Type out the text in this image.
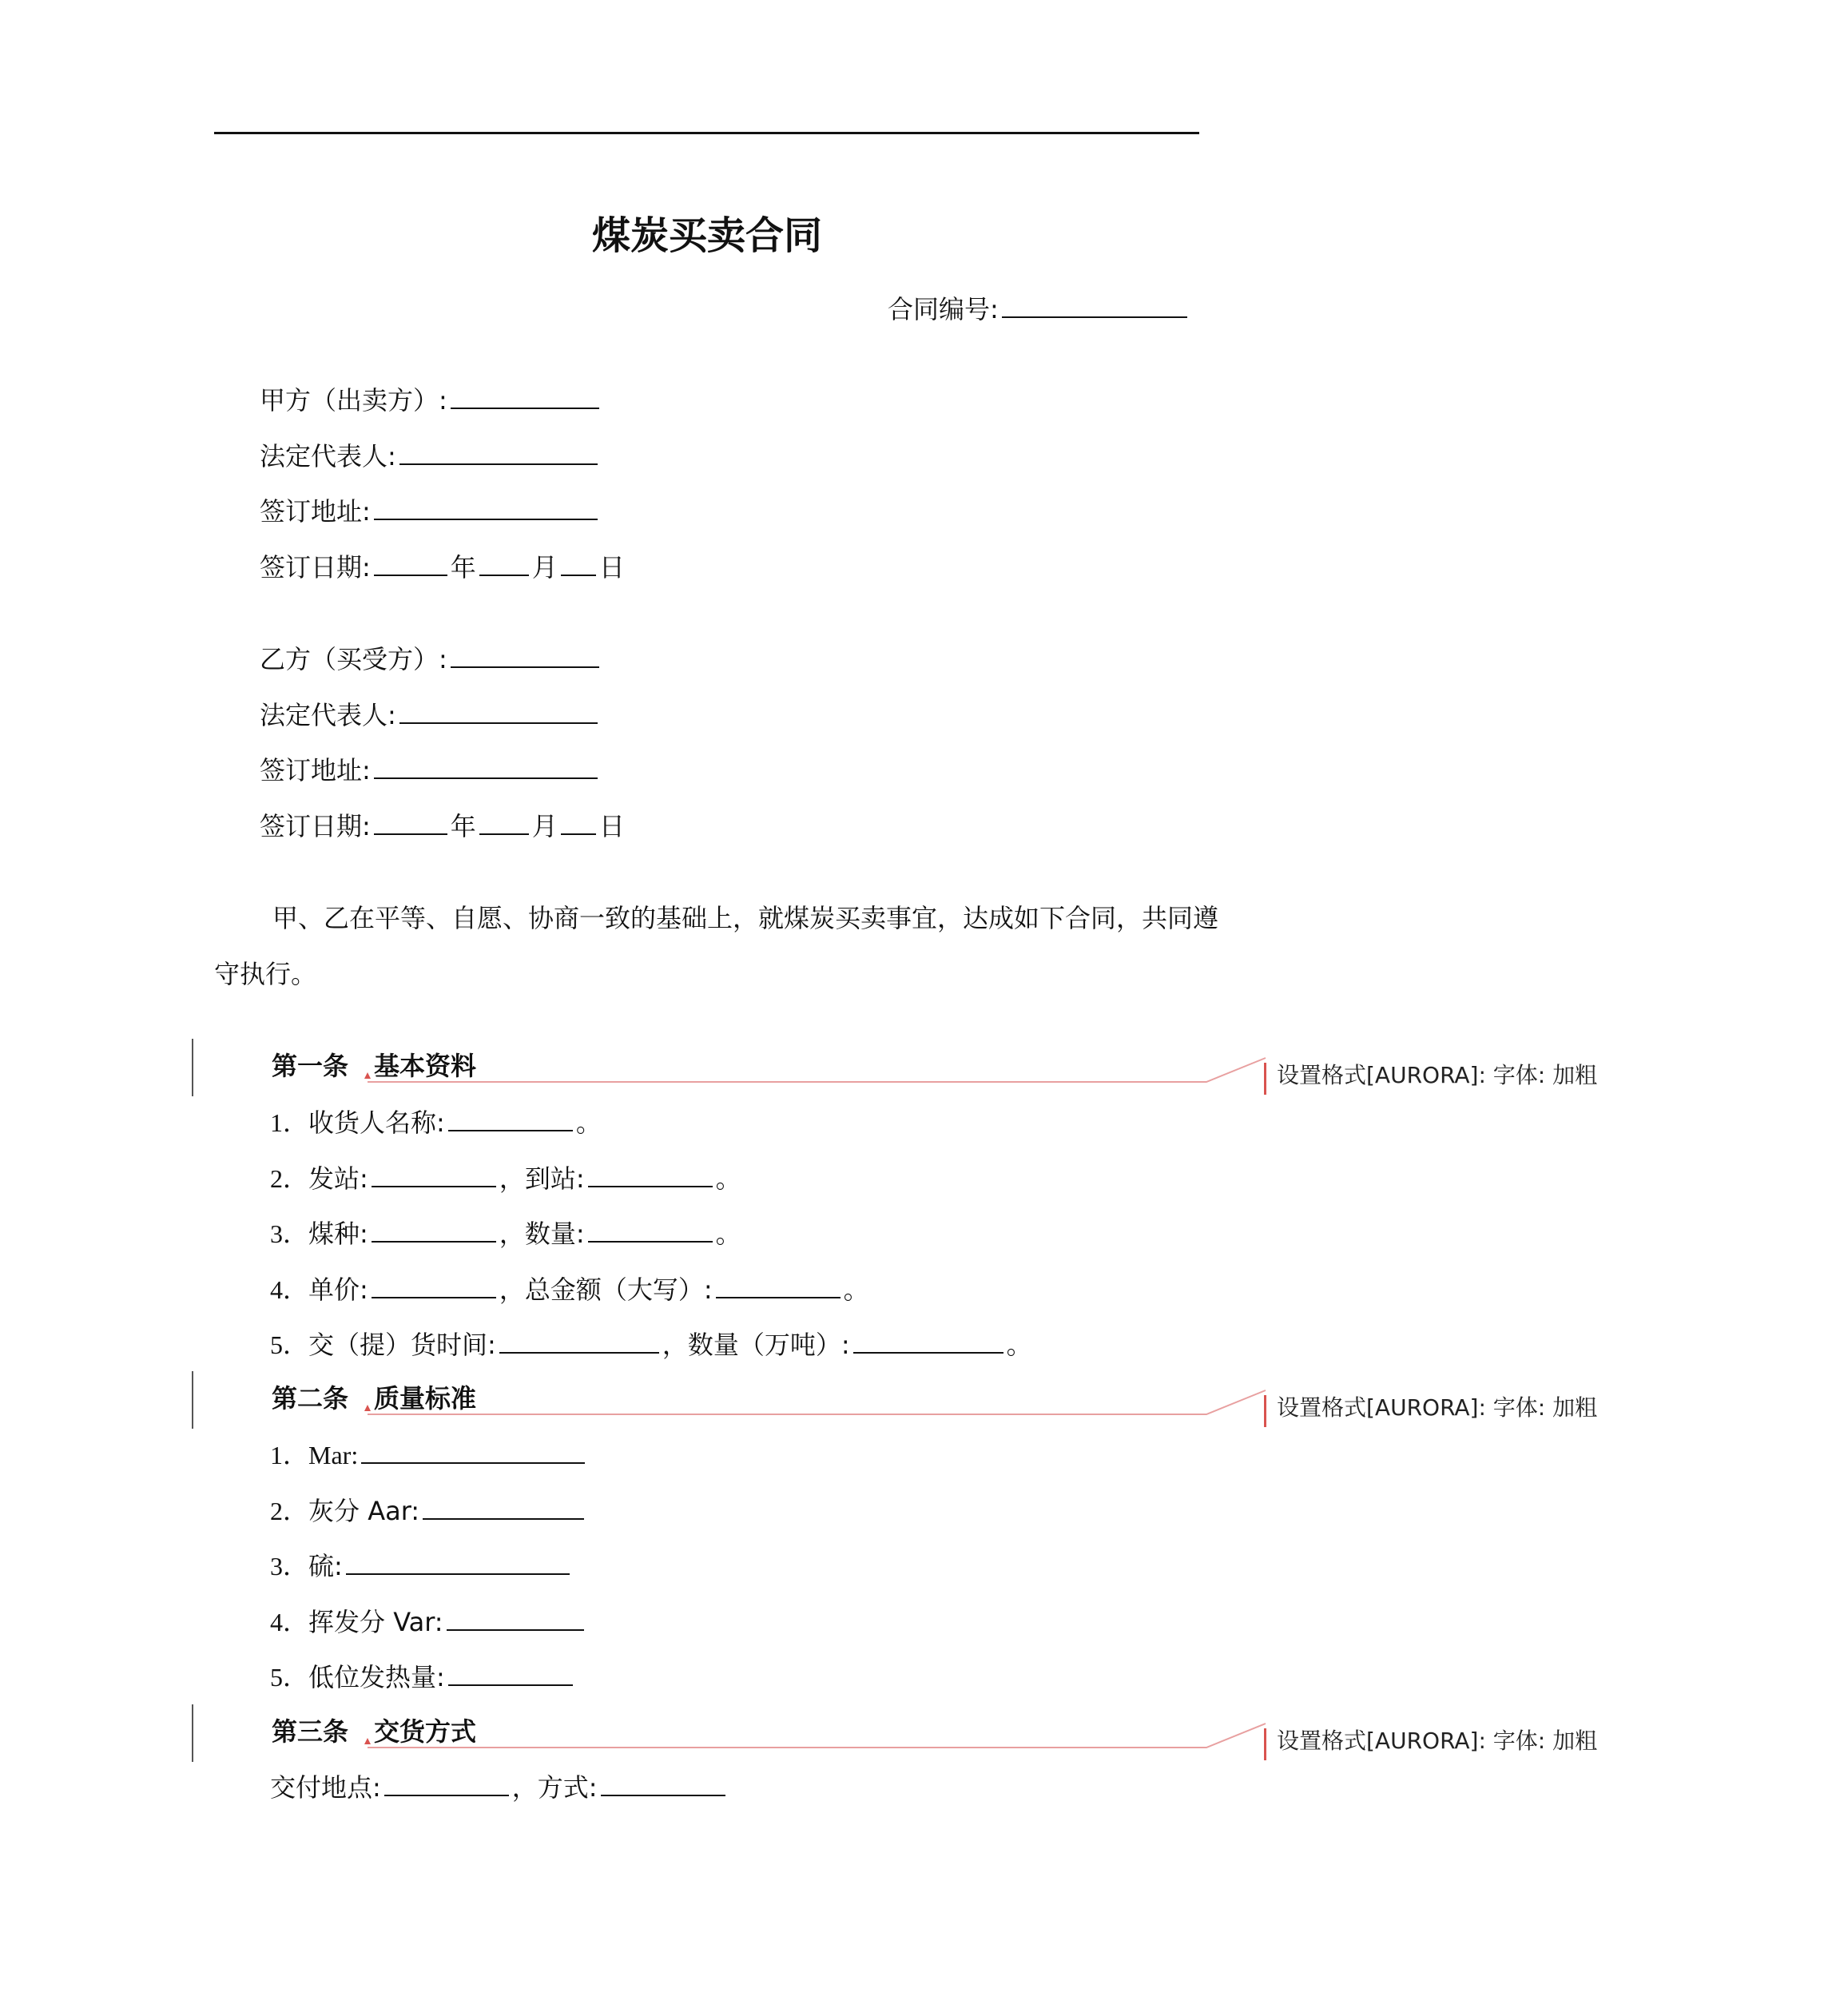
煤炭买卖合同
合同编号:
甲方（出卖方）:
法定代表人:
签订地址:
签订日期:	年 月 日
乙方（买受方）:
法定代表人:
签订地址:
签订日期:	年 月 日
甲、乙在平等、自愿、协商一致的基础上，就煤炭买卖事宜，达成如下合同，共同遵
守执行。
第一条 基本资料
1．收货人名称:	。
2．发站:	，到站:	。
3．煤种:	，数量:	。
4．单价:	，总金额（大写）:	。
5．交（提）货时间:	，数量（万吨）:	。
第二条 质量标准
1．Mar:
2．灰分 Aar:
3．硫:
4．挥发分 Var:
5．低位发热量:
第三条 交货方式
交付地点:	，方式:
设置格式[AURORA]: 字体: 加粗
设置格式[AURORA]: 字体: 加粗
设置格式[AURORA]: 字体: 加粗
